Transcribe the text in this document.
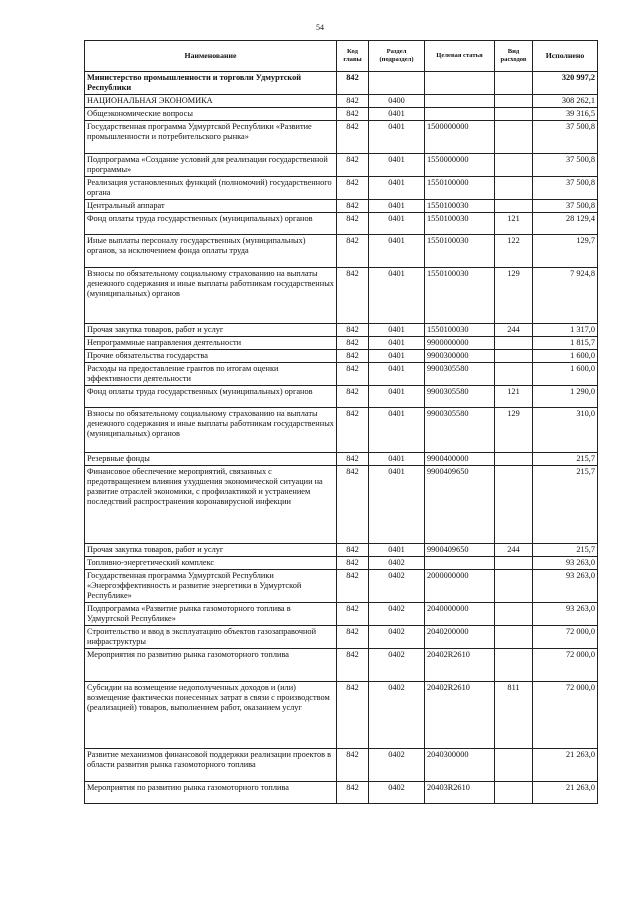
54
Наименование	Код главы	Раздел (подраздел)	Целевая статья	Вид расходов	Исполнено
Министерство промышленности и торговли Удмуртской Республики	842				320 997,2
НАЦИОНАЛЬНАЯ ЭКОНОМИКА	842	0400			308 262,1
Общеэкономические вопросы	842	0401			39 316,5
Государственная программа Удмуртской Республики «Развитие промышленности и потребительского рынка»	842	0401	1500000000		37 500,8
Подпрограмма «Создание условий для реализации государственной программы»	842	0401	1550000000		37 500,8
Реализация установленных функций (полномочий) государственного органа	842	0401	1550100000		37 500,8
Центральный аппарат	842	0401	1550100030		37 500,8
Фонд оплаты труда государственных (муниципальных) органов	842	0401	1550100030	121	28 129,4
Иные выплаты персоналу государственных (муниципальных) органов, за исключением фонда оплаты труда	842	0401	1550100030	122	129,7
Взносы по обязательному социальному страхованию на выплаты денежного содержания и иные выплаты работникам государственных (муниципальных) органов	842	0401	1550100030	129	7 924,8
Прочая закупка товаров, работ и услуг	842	0401	1550100030	244	1 317,0
Непрограммные направления деятельности	842	0401	9900000000		1 815,7
Прочие обязательства государства	842	0401	9900300000		1 600,0
Расходы на предоставление грантов по итогам оценки эффективности деятельности	842	0401	9900305580		1 600,0
Фонд оплаты труда государственных (муниципальных) органов	842	0401	9900305580	121	1 290,0
Взносы по обязательному социальному страхованию на выплаты денежного содержания и иные выплаты работникам государственных (муниципальных) органов	842	0401	9900305580	129	310,0
Резервные фонды	842	0401	9900400000		215,7
Финансовое обеспечение мероприятий, связанных с предотвращением влияния ухудшения экономической ситуации на развитие отраслей экономики, с профилактикой и устранением последствий распространения коронавирусной инфекции	842	0401	9900409650		215,7
Прочая закупка товаров, работ и услуг	842	0401	9900409650	244	215,7
Топливно-энергетический комплекс	842	0402			93 263,0
Государственная программа Удмуртской Республики «Энергоэффективность и развитие энергетики в Удмуртской Республике»	842	0402	2000000000		93 263,0
Подпрограмма «Развитие рынка газомоторного топлива в Удмуртской Республике»	842	0402	2040000000		93 263,0
Строительство и ввод в эксплуатацию объектов газозаправочной инфраструктуры	842	0402	2040200000		72 000,0
Мероприятия по развитию рынка газомоторного топлива	842	0402	20402R2610		72 000,0
Субсидии на возмещение недополученных доходов и (или) возмещение фактически понесенных затрат в связи с производством (реализацией) товаров, выполнением работ, оказанием услуг	842	0402	20402R2610	811	72 000,0
Развитие механизмов финансовой поддержки реализации проектов в области развития рынка газомоторного топлива	842	0402	2040300000		21 263,0
Мероприятия по развитию рынка газомоторного топлива	842	0402	20403R2610		21 263,0
